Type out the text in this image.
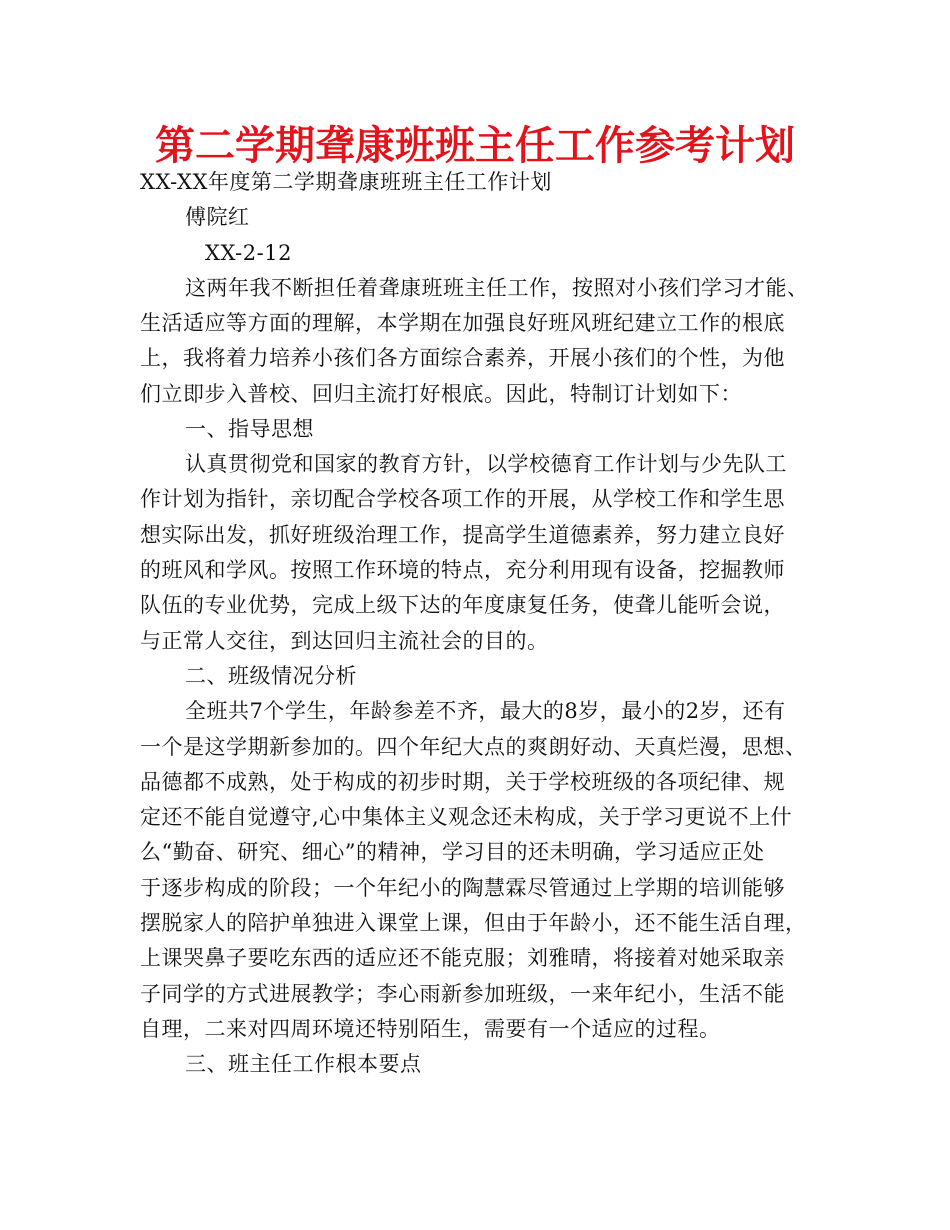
第二学期聋康班班主任工作参考计划

XX-XX年度第二学期聋康班班主任工作计划

傅院红

XX-2-12

这两年我不断担任着聋康班班主任工作，按照对小孩们学习才能、

生活适应等方面的理解，本学期在加强良好班风班纪建立工作的根底

上，我将着力培养小孩们各方面综合素养，开展小孩们的个性，为他

们立即步入普校、回归主流打好根底。因此，特制订计划如下：

一、指导思想

认真贯彻党和国家的教育方针，以学校德育工作计划与少先队工

作计划为指针，亲切配合学校各项工作的开展，从学校工作和学生思

想实际出发，抓好班级治理工作，提高学生道德素养，努力建立良好

的班风和学风。按照工作环境的特点，充分利用现有设备，挖掘教师

队伍的专业优势，完成上级下达的年度康复任务，使聋儿能听会说，

与正常人交往，到达回归主流社会的目的。

二、班级情况分析

全班共7个学生，年龄参差不齐，最大的8岁，最小的2岁，还有

一个是这学期新参加的。四个年纪大点的爽朗好动、天真烂漫，思想、

品德都不成熟，处于构成的初步时期，关于学校班级的各项纪律、规

定还不能自觉遵守,心中集体主义观念还未构成，关于学习更说不上什

么“勤奋、研究、细心”的精神，学习目的还未明确，学习适应正处

于逐步构成的阶段；一个年纪小的陶慧霖尽管通过上学期的培训能够

摆脱家人的陪护单独进入课堂上课，但由于年龄小，还不能生活自理，

上课哭鼻子要吃东西的适应还不能克服；刘雅晴，将接着对她采取亲

子同学的方式进展教学；李心雨新参加班级，一来年纪小，生活不能

自理，二来对四周环境还特别陌生，需要有一个适应的过程。

三、班主任工作根本要点
